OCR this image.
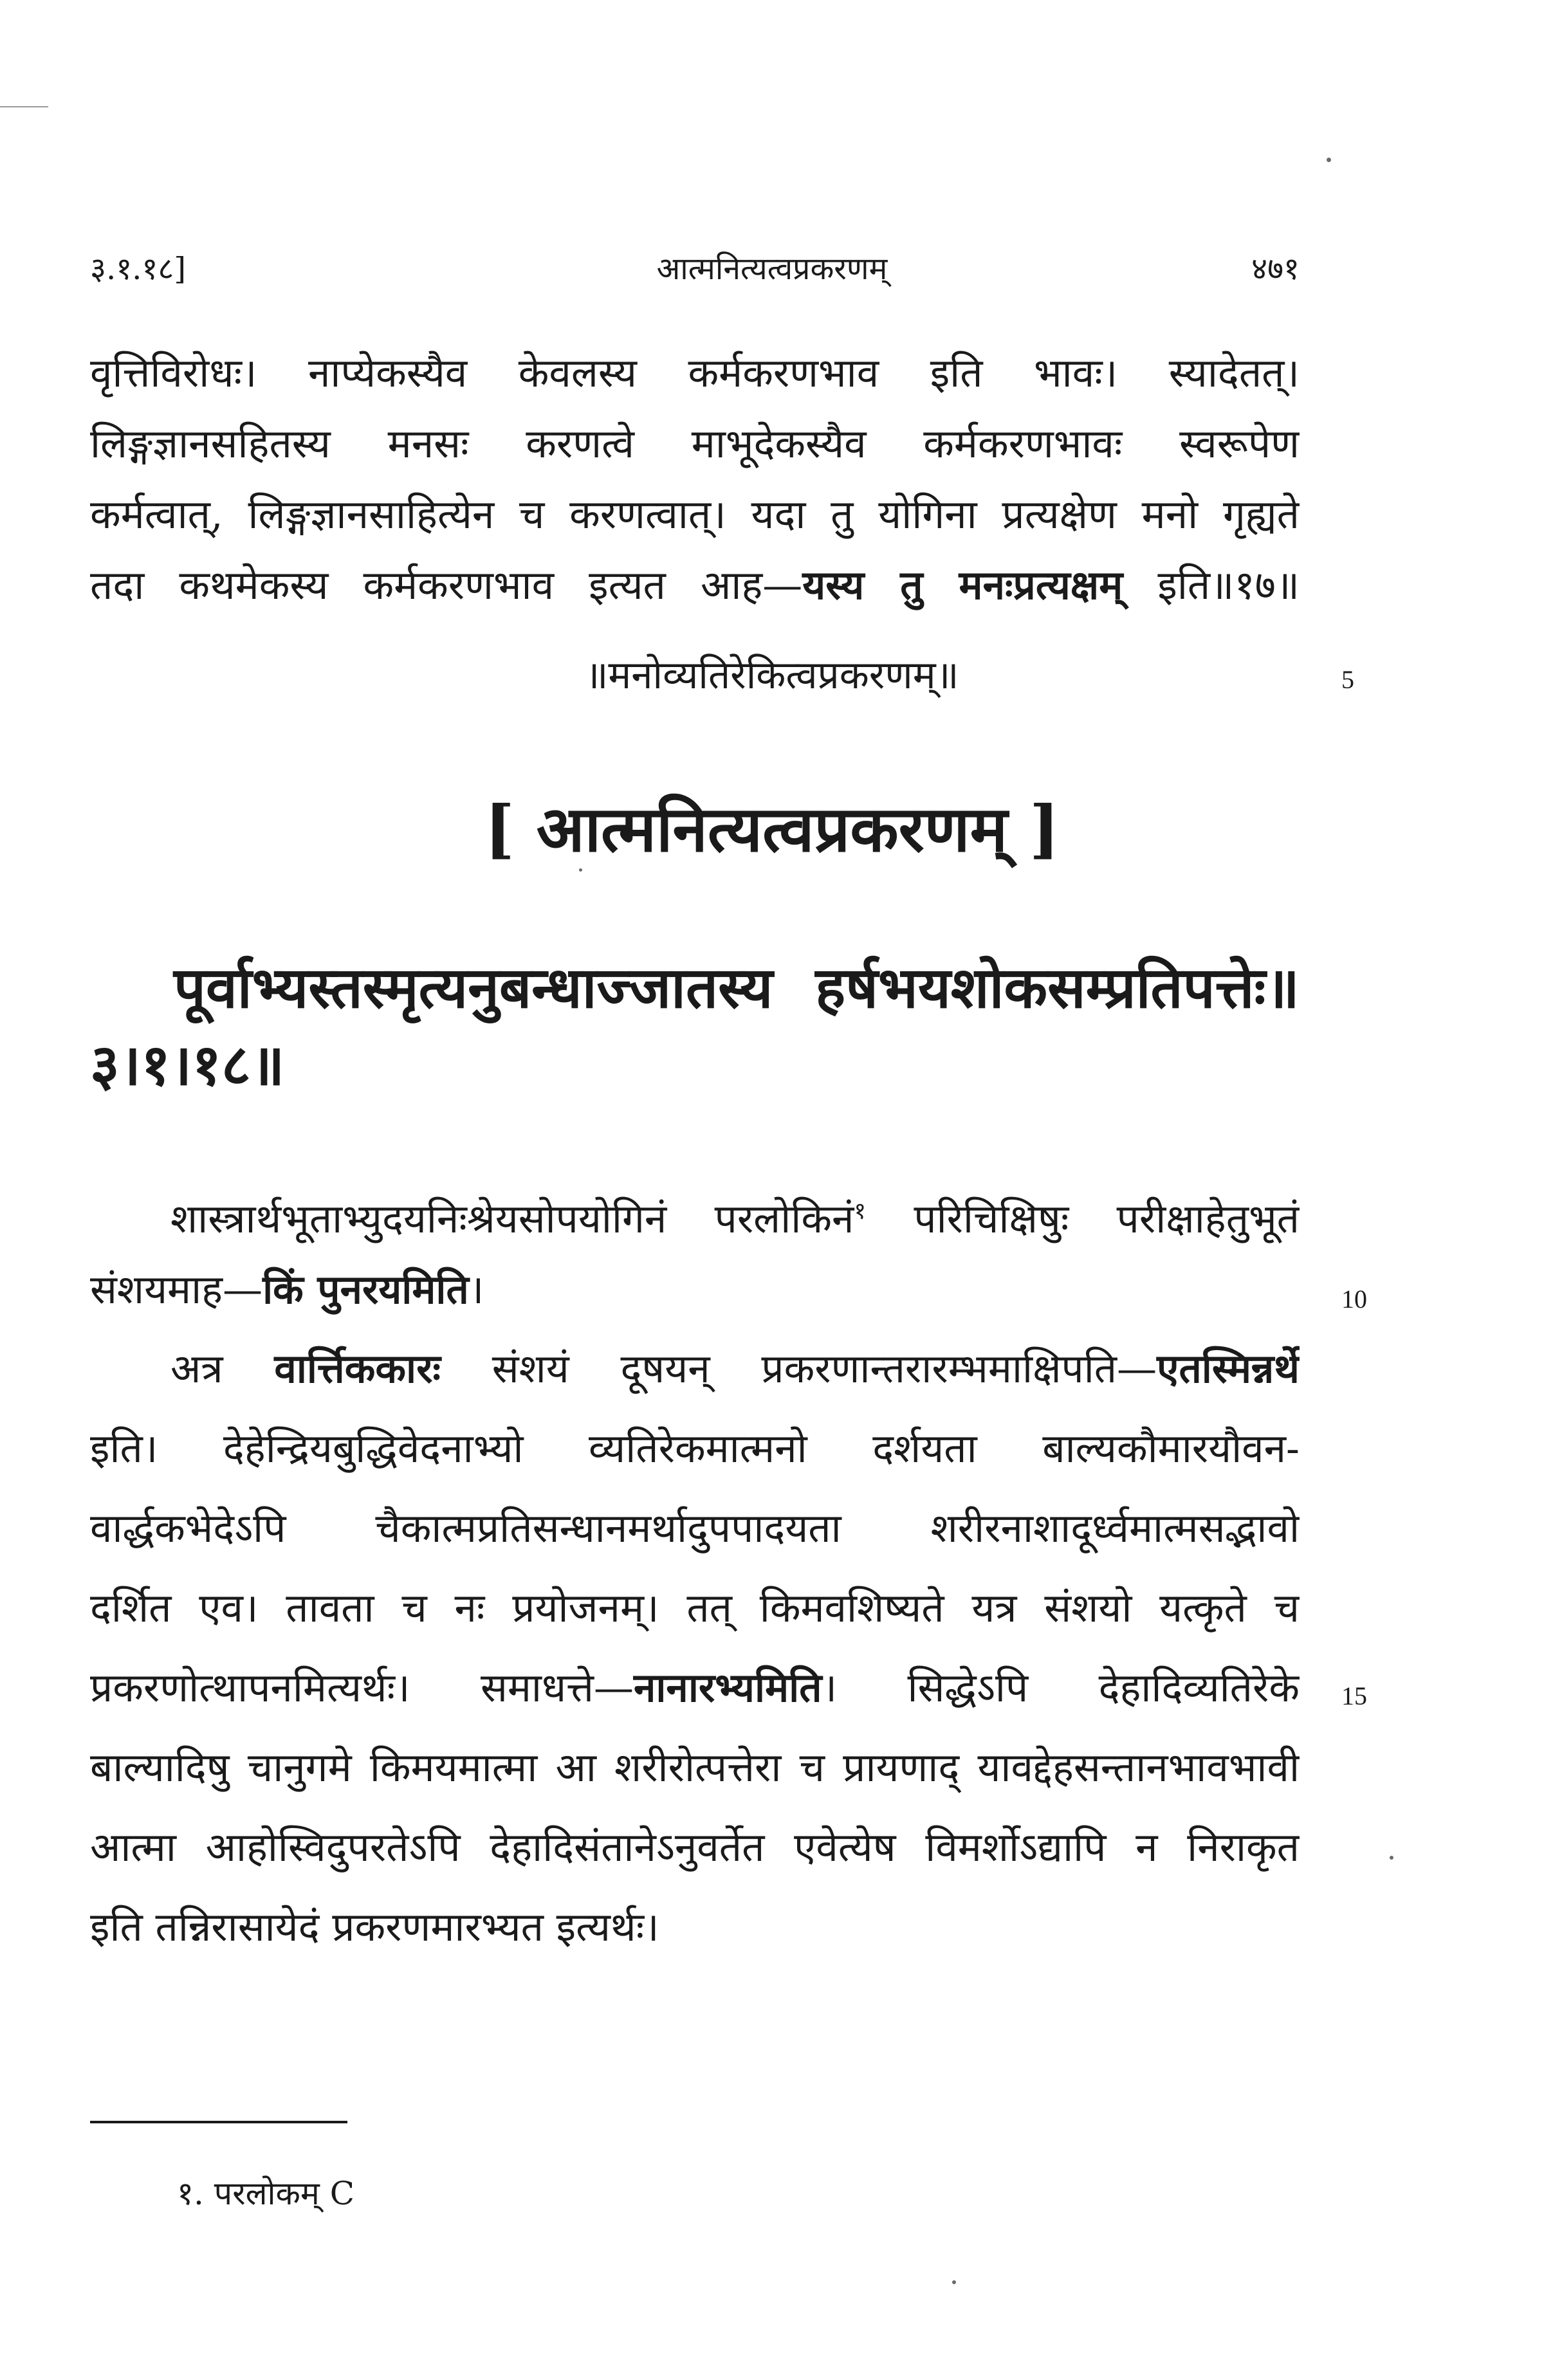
३.१.१८]	आत्मनित्यत्वप्रकरणम्	४७१
वृत्तिविरोधः। नाप्येकस्यैव केवलस्य कर्मकरणभाव इति भावः। स्यादेतत्।
लिङ्गज्ञानसहितस्य मनसः करणत्वे माभूदेकस्यैव कर्मकरणभावः स्वरूपेण
कर्मत्वात्, लिङ्गज्ञानसाहित्येन च करणत्वात्। यदा तु योगिना प्रत्यक्षेण मनो गृह्यते
तदा कथमेकस्य कर्मकरणभाव इत्यत आह—यस्य तु मनःप्रत्यक्षम् इति॥१७॥
॥मनोव्यतिरेकित्वप्रकरणम्॥
[ आत्मनित्यत्वप्रकरणम् ]
पूर्वाभ्यस्तस्मृत्यनुबन्धाज्जातस्य हर्षभयशोकसम्प्रतिपत्तेः॥
३।१।१८॥
शास्त्रार्थभूताभ्युदयनिःश्रेयसोपयोगिनं परलोकिनं$^१$ परिचिक्षिषुः परीक्षाहेतुभूतं
संशयमाह—किं पुनरयमिति।
अत्र वार्त्तिककारः संशयं दूषयन् प्रकरणान्तरारम्भमाक्षिपति—एतस्मिन्नर्थे
इति। देहेन्द्रियबुद्धिवेदनाभ्यो व्यतिरेकमात्मनो दर्शयता बाल्यकौमारयौवन-
वार्द्धकभेदेऽपि चैकात्मप्रतिसन्धानमर्थादुपपादयता शरीरनाशादूर्ध्वमात्मसद्भावो
दर्शित एव। तावता च नः प्रयोजनम्। तत् किमवशिष्यते यत्र संशयो यत्कृते च
प्रकरणोत्थापनमित्यर्थः। समाधत्ते—नानारभ्यमिति। सिद्धेऽपि देहादिव्यतिरेके
बाल्यादिषु चानुगमे किमयमात्मा आ शरीरोत्पत्तेरा च प्रायणाद् यावद्देहसन्तानभावभावी
आत्मा आहोस्विदुपरतेऽपि देहादिसंतानेऽनुवर्तेत एवेत्येष विमर्शोऽद्यापि न निराकृत
इति तन्निरासायेदं प्रकरणमारभ्यत इत्यर्थः।
5
10
15
१. परलोकम् C
